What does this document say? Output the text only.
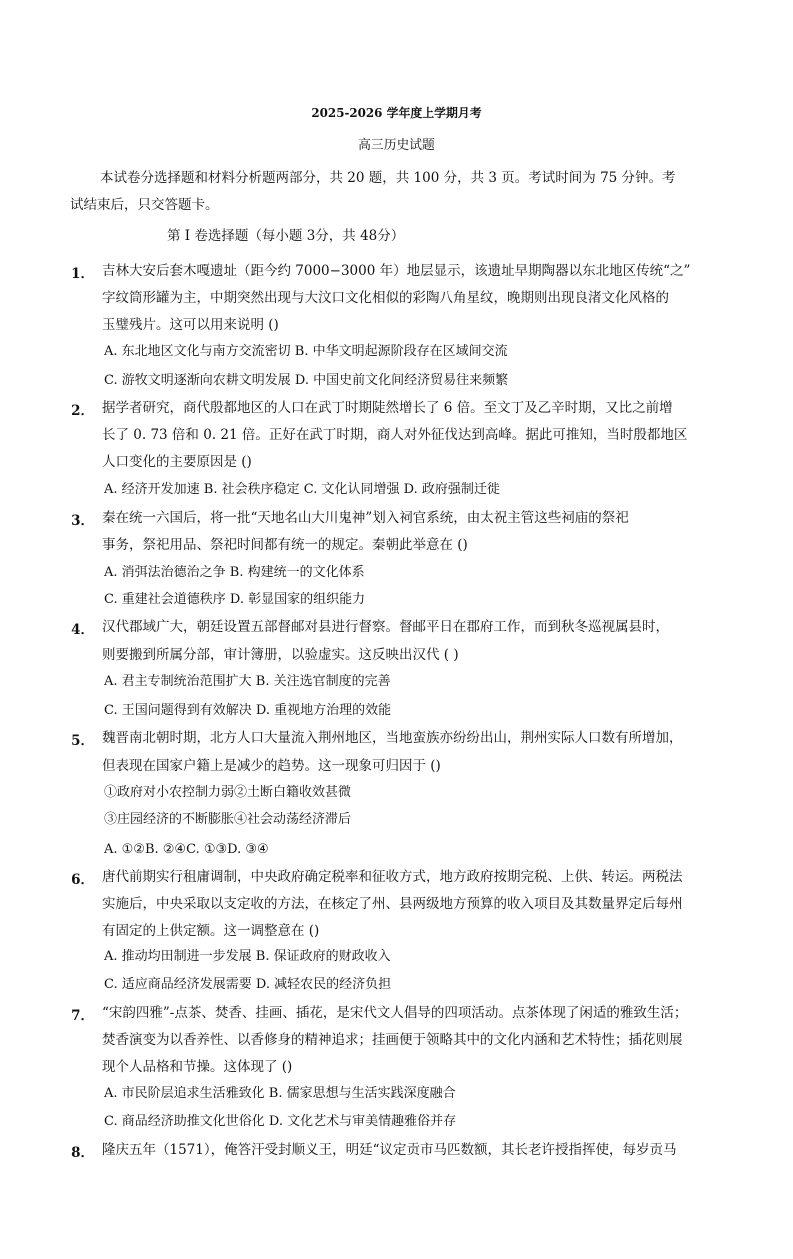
2025-2026 学年度上学期月考
高三历史试题
本试卷分选择题和材料分析题两部分，共 20 题，共 100 分，共 3 页。考试时间为 75 分钟。考
试结束后，只交答题卡。
第 I 卷选择题（每小题 3分，共 48分）
1． 吉林大安后套木嘎遗址（距今约 7000−3000 年）地层显示，该遗址早期陶器以东北地区传统“之”
字纹筒形罐为主，中期突然出现与大汶口文化相似的彩陶八角星纹，晚期则出现良渚文化风格的
玉璧残片。这可以用来说明 ()
A. 东北地区文化与南方交流密切 B. 中华文明起源阶段存在区域间交流
C. 游牧文明逐渐向农耕文明发展 D. 中国史前文化间经济贸易往来频繁
2． 据学者研究，商代殷都地区的人口在武丁时期陡然增长了 6 倍。至文丁及乙辛时期，又比之前增
长了 0. 73 倍和 0. 21 倍。正好在武丁时期，商人对外征伐达到高峰。据此可推知，当时殷都地区
人口变化的主要原因是 ()
A. 经济开发加速 B. 社会秩序稳定 C. 文化认同增强 D. 政府强制迁徙
3． 秦在统一六国后，将一批“天地名山大川鬼神”划入祠官系统，由太祝主管这些祠庙的祭祀
事务，祭祀用品、祭祀时间都有统一的规定。秦朝此举意在 ()
A. 消弭法治德治之争 B. 构建统一的文化体系
C. 重建社会道德秩序 D. 彰显国家的组织能力
4． 汉代郡域广大，朝廷设置五部督邮对县进行督察。督邮平日在郡府工作，而到秋冬巡视属县时，
则要搬到所属分部，审计簿册，以验虚实。这反映出汉代 ( )
A. 君主专制统治范围扩大 B. 关注选官制度的完善
C. 王国问题得到有效解决 D. 重视地方治理的效能
5． 魏晋南北朝时期，北方人口大量流入荆州地区，当地蛮族亦纷纷出山，荆州实际人口数有所增加，
但表现在国家户籍上是减少的趋势。这一现象可归因于 ()
①政府对小农控制力弱②土断白籍收效甚微
③庄园经济的不断膨胀④社会动荡经济滞后
A. ①②B. ②④C. ①③D. ③④
6． 唐代前期实行租庸调制，中央政府确定税率和征收方式，地方政府按期完税、上供、转运。两税法
实施后，中央采取以支定收的方法，在核定了州、县两级地方预算的收入项目及其数量界定后每州
有固定的上供定额。这一调整意在 ()
A. 推动均田制进一步发展 B. 保证政府的财政收入
C. 适应商品经济发展需要 D. 减轻农民的经济负担
7． “宋韵四雅”-点茶、焚香、挂画、插花，是宋代文人倡导的四项活动。点茶体现了闲适的雅致生活；
焚香演变为以香养性、以香修身的精神追求；挂画便于领略其中的文化内涵和艺术特性；插花则展
现个人品格和节操。这体现了 ()
A. 市民阶层追求生活雅致化 B. 儒家思想与生活实践深度融合
C. 商品经济助推文化世俗化 D. 文化艺术与审美情趣雅俗并存
8． 隆庆五年（1571），俺答汗受封顺义王，明廷“议定贡市马匹数额，其长老许授指挥使，每岁贡马
